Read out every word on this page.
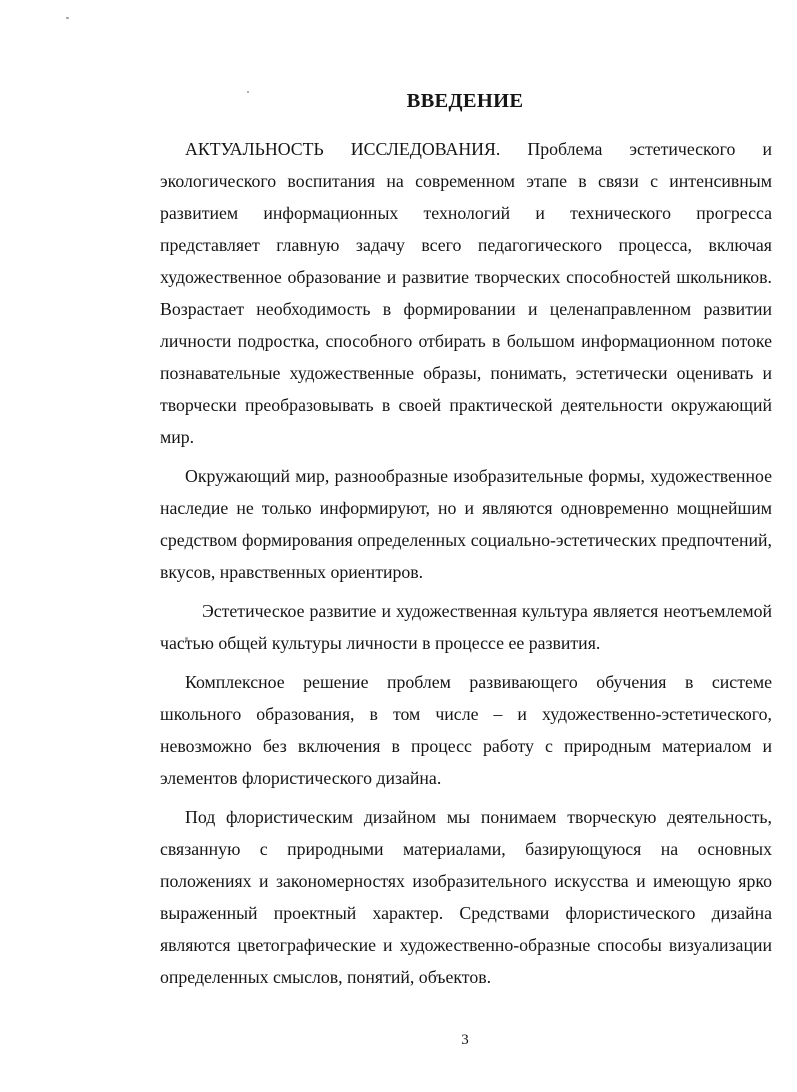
ВВЕДЕНИЕ

АКТУАЛЬНОСТЬ ИССЛЕДОВАНИЯ. Проблема эстетического и экологического воспитания на современном этапе в связи с интенсивным развитием информационных технологий и технического прогресса представляет главную задачу всего педагогического процесса, включая художественное образование и развитие творческих способностей школьников. Возрастает необходимость в формировании и целенаправленном развитии личности подростка, способного отбирать в большом информационном потоке познавательные художественные образы, понимать, эстетически оценивать и творчески преобразовывать в своей практической деятельности окружающий мир.

Окружающий мир, разнообразные изобразительные формы, художественное наследие не только информируют, но и являются одновременно мощнейшим средством формирования определенных социально-эстетических предпочтений, вкусов, нравственных ориентиров.

Эстетическое развитие и художественная культура является неотъемлемой частью общей культуры личности в процессе ее развития.

Комплексное решение проблем развивающего обучения в системе школьного образования, в том числе – и художественно-эстетического, невозможно без включения в процесс работу с природным материалом и элементов флористического дизайна.

Под флористическим дизайном мы понимаем творческую деятельность, связанную с природными материалами, базирующуюся на основных положениях и закономерностях изобразительного искусства и имеющую ярко выраженный проектный характер. Средствами флористического дизайна являются цветографические и художественно-образные способы визуализации определенных смыслов, понятий, объектов.

3
